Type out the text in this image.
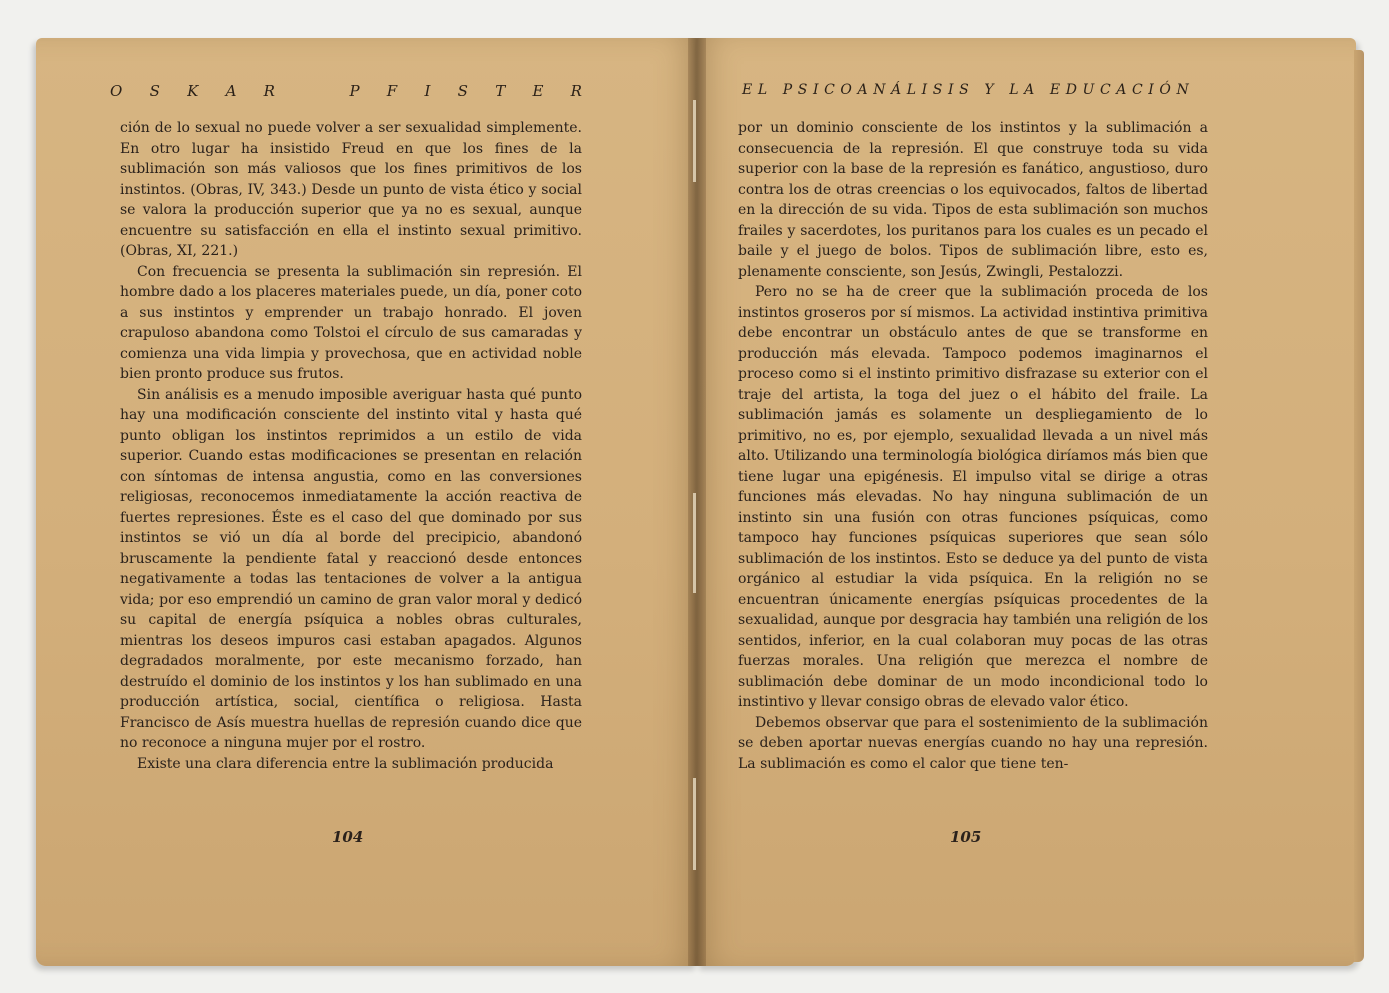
O S K A R	P F I S T E R

ción de lo sexual no puede volver a ser sexualidad simplemente. En otro lugar ha insistido Freud en que los fines de la sublimación son más valiosos que los fines primitivos de los instintos. (Obras, IV, 343.) Desde un punto de vista ético y social se valora la producción superior que ya no es sexual, aunque encuentre su satisfacción en ella el instinto sexual primitivo. (Obras, XI, 221.)

Con frecuencia se presenta la sublimación sin represión. El hombre dado a los placeres materiales puede, un día, poner coto a sus instintos y emprender un trabajo honrado. El joven crapuloso abandona como Tolstoi el círculo de sus camaradas y comienza una vida limpia y provechosa, que en actividad noble bien pronto produce sus frutos.

Sin análisis es a menudo imposible averiguar hasta qué punto hay una modificación consciente del instinto vital y hasta qué punto obligan los instintos reprimidos a un estilo de vida superior. Cuando estas modificaciones se presentan en relación con síntomas de intensa angustia, como en las conversiones religiosas, reconocemos inmediatamente la acción reactiva de fuertes represiones. Éste es el caso del que dominado por sus instintos se vió un día al borde del precipicio, abandonó bruscamente la pendiente fatal y reaccionó desde entonces negativamente a todas las tentaciones de volver a la antigua vida; por eso emprendió un camino de gran valor moral y dedicó su capital de energía psíquica a nobles obras culturales, mientras los deseos impuros casi estaban apagados. Algunos degradados moralmente, por este mecanismo forzado, han destruído el dominio de los instintos y los han sublimado en una producción artística, social, científica o religiosa. Hasta Francisco de Asís muestra huellas de represión cuando dice que no reconoce a ninguna mujer por el rostro.

Existe una clara diferencia entre la sublimación producida

104
EL PSICOANÁLISIS Y LA EDUCACIÓN

por un dominio consciente de los instintos y la sublimación a consecuencia de la represión. El que construye toda su vida superior con la base de la represión es fanático, angustioso, duro contra los de otras creencias o los equivocados, faltos de libertad en la dirección de su vida. Tipos de esta sublimación son muchos frailes y sacerdotes, los puritanos para los cuales es un pecado el baile y el juego de bolos. Tipos de sublimación libre, esto es, plenamente consciente, son Jesús, Zwingli, Pestalozzi.

Pero no se ha de creer que la sublimación proceda de los instintos groseros por sí mismos. La actividad instintiva primitiva debe encontrar un obstáculo antes de que se transforme en producción más elevada. Tampoco podemos imaginarnos el proceso como si el instinto primitivo disfrazase su exterior con el traje del artista, la toga del juez o el hábito del fraile. La sublimación jamás es solamente un despliegamiento de lo primitivo, no es, por ejemplo, sexualidad llevada a un nivel más alto. Utilizando una terminología biológica diríamos más bien que tiene lugar una epigénesis. El impulso vital se dirige a otras funciones más elevadas. No hay ninguna sublimación de un instinto sin una fusión con otras funciones psíquicas, como tampoco hay funciones psíquicas superiores que sean sólo sublimación de los instintos. Esto se deduce ya del punto de vista orgánico al estudiar la vida psíquica. En la religión no se encuentran únicamente energías psíquicas procedentes de la sexualidad, aunque por desgracia hay también una religión de los sentidos, inferior, en la cual colaboran muy pocas de las otras fuerzas morales. Una religión que merezca el nombre de sublimación debe dominar de un modo incondicional todo lo instintivo y llevar consigo obras de elevado valor ético.

Debemos observar que para el sostenimiento de la sublimación se deben aportar nuevas energías cuando no hay una represión. La sublimación es como el calor que tiene ten-

105
